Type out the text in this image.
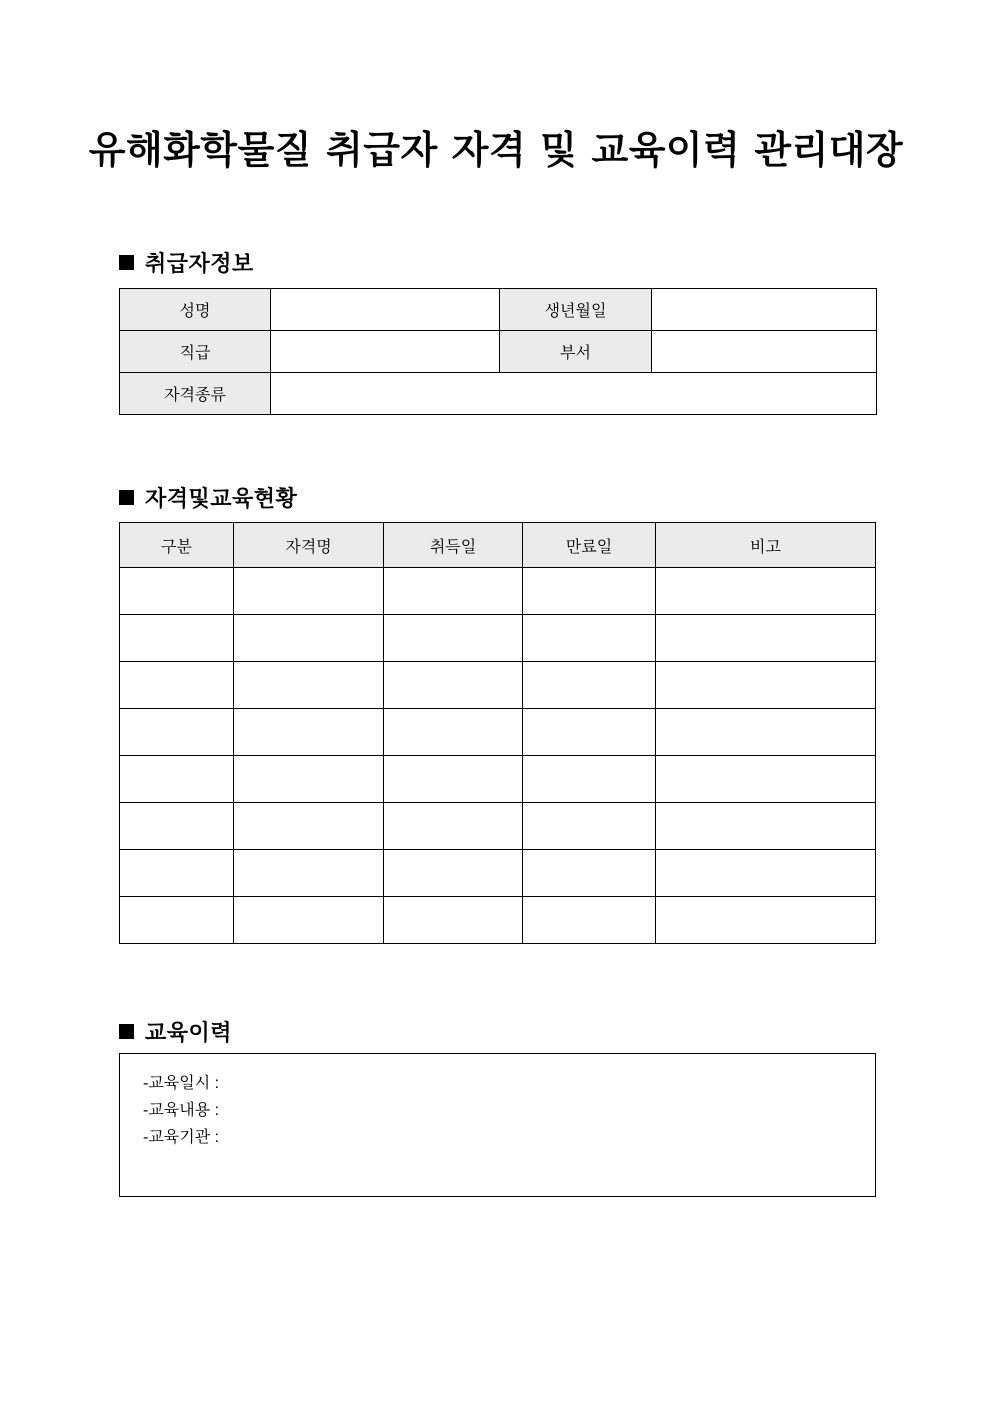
유해화학물질 취급자 자격 및 교육이력 관리대장
취급자정보
성명		생년월일	
직급		부서	
자격종류			
자격및교육현황
구분	자격명	취득일	만료일	비고

교육이력
-교육일시 :
-교육내용 :
-교육기관 :
